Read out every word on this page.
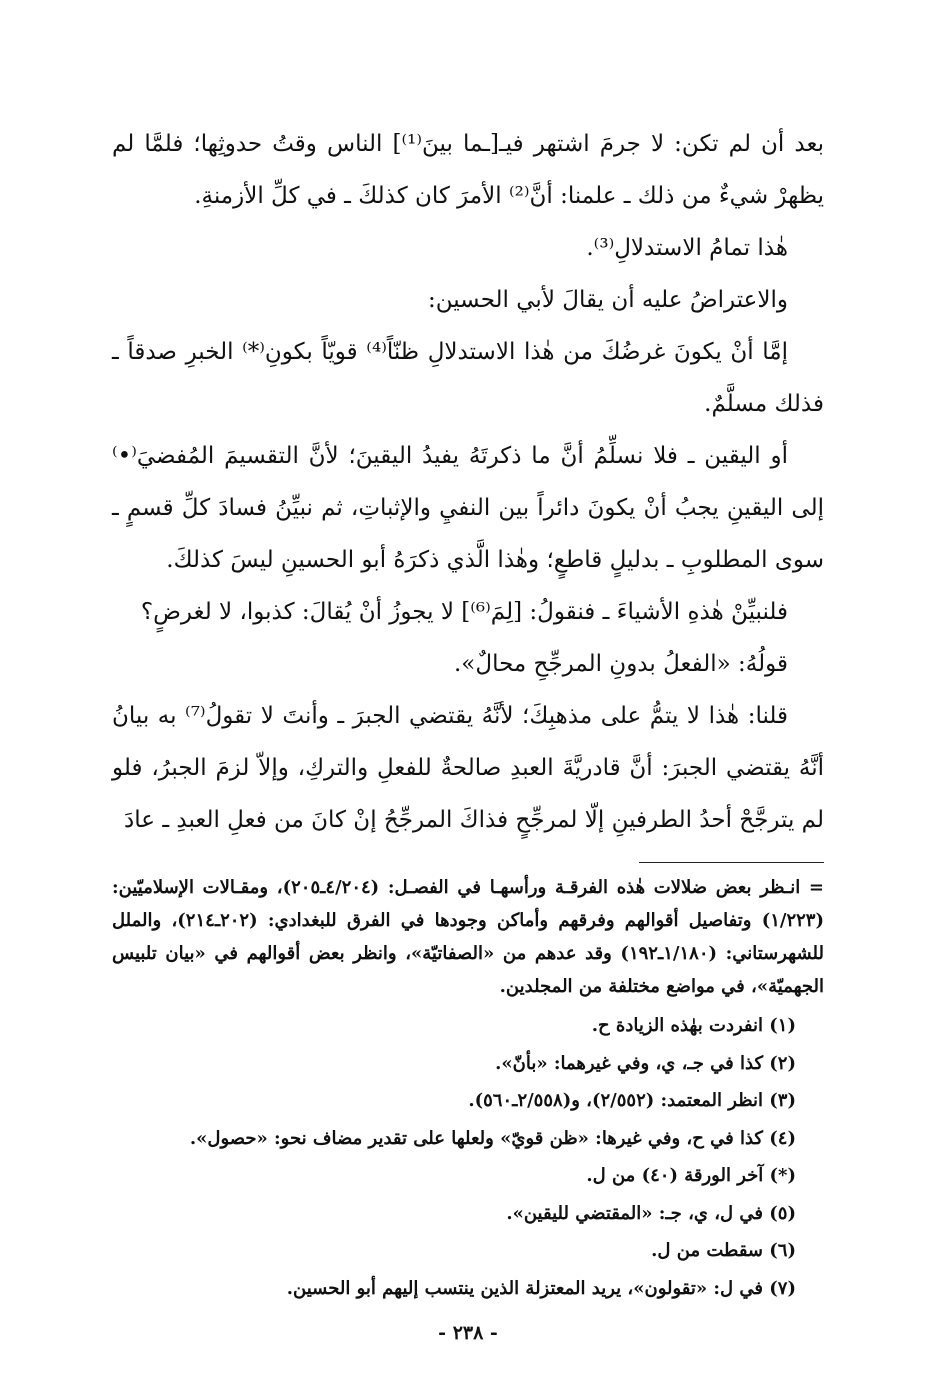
بعد أن لم تكن: لا جرمَ اشتهر فيـ[ـما بينَ⁽¹⁾] الناس وقتُ حدوثِها؛ فلمَّا لم يظهرْ شيءٌ من ذلك ـ علمنا: أنَّ⁽²⁾ الأمرَ كان كذلكَ ـ في كلِّ الأزمنةِ.

هٰذا تمامُ الاستدلالِ⁽³⁾.

والاعتراضُ عليه أن يقالَ لأبي الحسين:

إمَّا أنْ يكونَ غرضُكَ من هٰذا الاستدلالِ ظنّاً⁽⁴⁾ قويّاً بكونِ⁽*⁾ الخبرِ صدقاً ـ فذلك مسلَّمٌ.

أو اليقين ـ فلا نسلِّمُ أنَّ ما ذكرتَهُ يفيدُ اليقينَ؛ لأنَّ التقسيمَ المُفضيَ⁽•⁾ إلى اليقينِ يجبُ أنْ يكونَ دائراً بين النفيِ والإثباتِ، ثم نبيِّنُ فسادَ كلِّ قسمٍ ـ سوى المطلوبِ ـ بدليلٍ قاطعٍ؛ وهٰذا الَّذي ذكرَهُ أبو الحسينِ ليسَ كذلكَ.

فلنبيِّنْ هٰذهِ الأشياءَ ـ فنقولُ: [لِمَ⁽⁶⁾] لا يجوزُ أنْ يُقالَ: كذبوا، لا لغرضٍ؟

قولُهُ: «الفعلُ بدونِ المرجِّحِ محالٌ».

قلنا: هٰذا لا يتمُّ على مذهبِكَ؛ لأنَّهُ يقتضي الجبرَ ـ وأنتَ لا تقولُ⁽⁷⁾ به بيانُ أنَّهُ يقتضي الجبرَ: أنَّ قادريَّةَ العبدِ صالحةٌ للفعلِ والتركِ، وإلاّ لزمَ الجبرُ، فلو لم يترجَّحْ أحدُ الطرفينِ إلّا لمرجِّحٍ فذاكَ المرجِّحُ إنْ كانَ من فعلِ العبدِ ـ عادَ

= انـظر بعض ضلالات هٰذه الفرقـة ورأسهـا في الفصـل: (٤/٢٠٤ـ٢٠٥)، ومقـالات الإسلاميّين: (١/٢٢٣) وتفاصيل أقوالهم وفرقهم وأماكن وجودها في الفرق للبغدادي: (٢٠٢ـ٢١٤)، والملل للشهرستاني: (١/١٨٠ـ١٩٢) وقد عدهم من «الصفاتيّة»، وانظر بعض أقوالهم في «بيان تلبيس الجهميّة»، في مواضع مختلفة من المجلدين.

(١) انفردت بهٰذه الزيادة ح.
(٢) كذا في جـ، ي، وفي غيرهما: «بأنّ».
(٣) انظر المعتمد: (٢/٥٥٢)، و(٢/٥٥٨ـ٥٦٠).
(٤) كذا في ح، وفي غيرها: «ظن قويّ» ولعلها على تقدير مضاف نحو: «حصول».
(*) آخر الورقة (٤٠) من ل.
(٥) في ل، ي، جـ: «المقتضي لليقين».
(٦) سقطت من ل.
(٧) في ل: «تقولون»، يريد المعتزلة الذين ينتسب إليهم أبو الحسين.
- ٢٣٨ -
